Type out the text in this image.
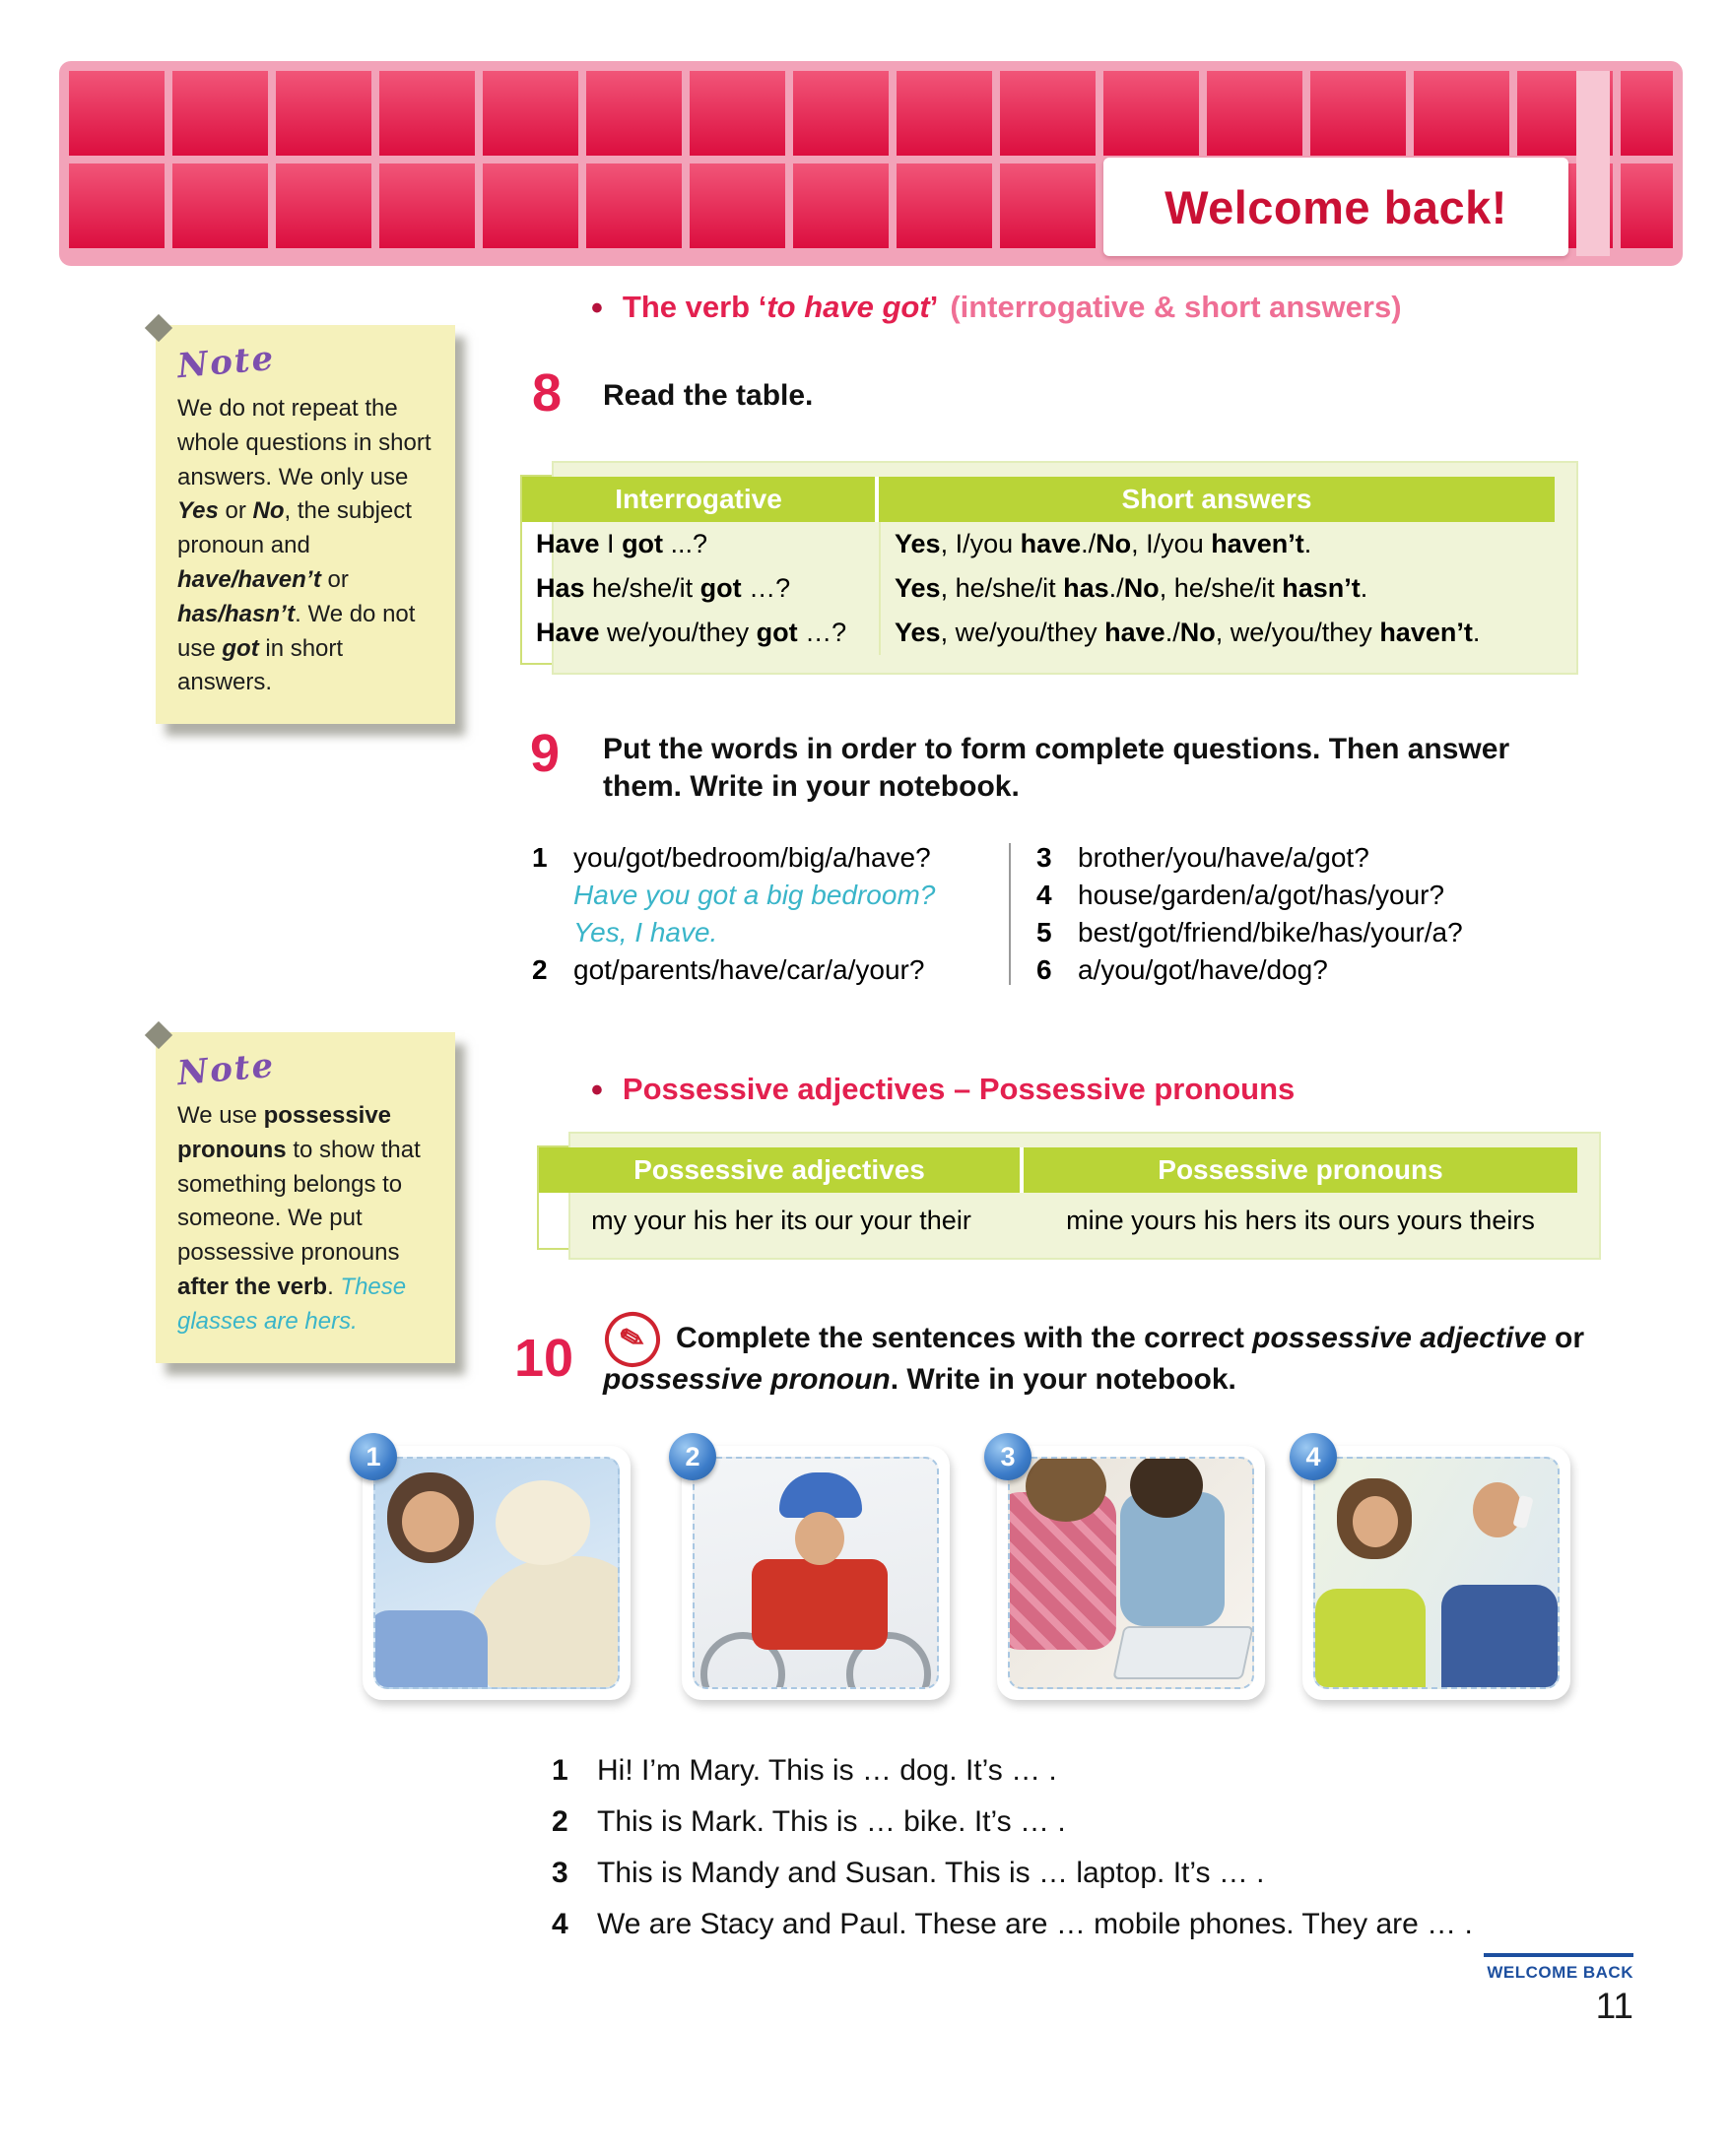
Welcome back!
Note

We do not repeat the whole questions in short answers. We only use Yes or No, the subject pronoun and have/haven’t or has/hasn’t. We do not use got in short answers.

• The verb ‘to have got’ (interrogative & short answers)
8 Read the table.
Interrogative	Short answers
Have I got ...?	Yes, I/you have./No, I/you haven’t.
Has he/she/it got …?	Yes, he/she/it has./No, he/she/it hasn’t.
Have we/you/they got …?	Yes, we/you/they have./No, we/you/they haven’t.
9 Put the words in order to form complete questions. Then answer them. Write in your notebook.
1 you/got/bedroom/big/a/have?
Have you got a big bedroom?
Yes, I have.
2 got/parents/have/car/a/your?
3 brother/you/have/a/got?
4 house/garden/a/got/has/your?
5 best/got/friend/bike/has/your/a?
6 a/you/got/have/dog?
Note

We use possessive pronouns to show that something belongs to someone. We put possessive pronouns after the verb. These glasses are hers.

• Possessive adjectives – Possessive pronouns
Possessive adjectives	Possessive pronouns
my your his her its our your their	mine yours his hers its ours yours theirs
10	✎ Complete the sentences with the correct possessive adjective or possessive pronoun. Write in your notebook.
1	2	3	4
1 Hi! I’m Mary. This is … dog. It’s … .
2 This is Mark. This is … bike. It’s … .
3 This is Mandy and Susan. This is … laptop. It’s … .
4 We are Stacy and Paul. These are … mobile phones. They are … .
WELCOME BACK
11
